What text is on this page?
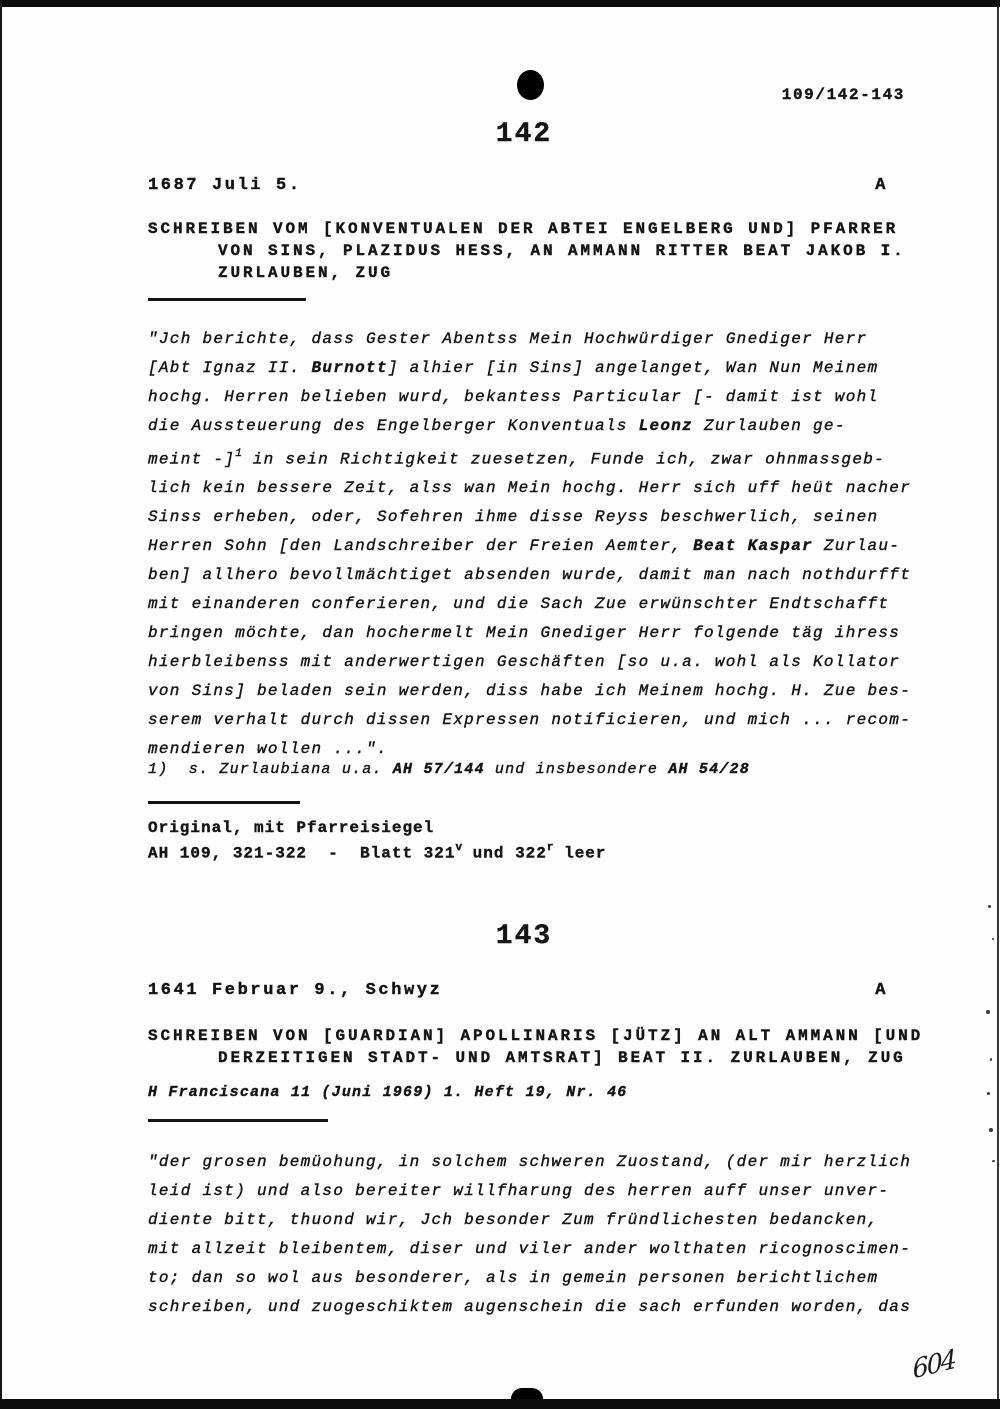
109/142-143
142
1687 Juli 5.	A
SCHREIBEN VOM [KONVENTUALEN DER ABTEI ENGELBERG UND] PFARRER
VON SINS, PLAZIDUS HESS, AN AMMANN RITTER BEAT JAKOB I.
ZURLAUBEN, ZUG
"Jch berichte, dass Gester Abentss Mein Hochwürdiger Gnediger Herr
[Abt Ignaz II. Burnott] alhier [in Sins] angelanget, Wan Nun Meinem
hochg. Herren belieben wurd, bekantess Particular [- damit ist wohl
die Aussteuerung des Engelberger Konventuals Leonz Zurlauben ge-
meint -]$^1$ in sein Richtigkeit zuesetzen, Funde ich, zwar ohnmassgeb-
lich kein bessere Zeit, alss wan Mein hochg. Herr sich uff heüt nacher
Sinss erheben, oder, Sofehren ihme disse Reyss beschwerlich, seinen
Herren Sohn [den Landschreiber der Freien Aemter, Beat Kaspar Zurlau-
ben] allhero bevollmächtiget absenden wurde, damit man nach nothdurfft
mit einanderen conferieren, und die Sach Zue erwünschter Endtschafft
bringen möchte, dan hochermelt Mein Gnediger Herr folgende täg ihress
hierbleibenss mit anderwertigen Geschäften [so u.a. wohl als Kollator
von Sins] beladen sein werden, diss habe ich Meinem hochg. H. Zue bes-
serem verhalt durch dissen Expressen notificieren, und mich ... recom-
mendieren wollen ...".
1)  s. Zurlaubiana u.a. AH 57/144 und insbesondere AH 54/28
Original, mit Pfarreisiegel
AH 109, 321-322  -  Blatt 321$^v$ und 322$^r$ leer
143
1641 Februar 9., Schwyz	A
SCHREIBEN VON [GUARDIAN] APOLLINARIS [JÜTZ] AN ALT AMMANN [UND
DERZEITIGEN STADT- UND AMTSRAT] BEAT II. ZURLAUBEN, ZUG
H Franciscana 11 (Juni 1969) 1. Heft 19, Nr. 46
"der grosen bemüohung, in solchem schweren Zuostand, (der mir herzlich
leid ist) und also bereiter willfharung des herren auff unser unver-
diente bitt, thuond wir, Jch besonder Zum fründlichesten bedancken,
mit allzeit bleibentem, diser und viler ander wolthaten ricognoscimen-
to; dan so wol aus besonderer, als in gemein personen berichtlichem
schreiben, und zuogeschiktem augenschein die sach erfunden worden, das
604
